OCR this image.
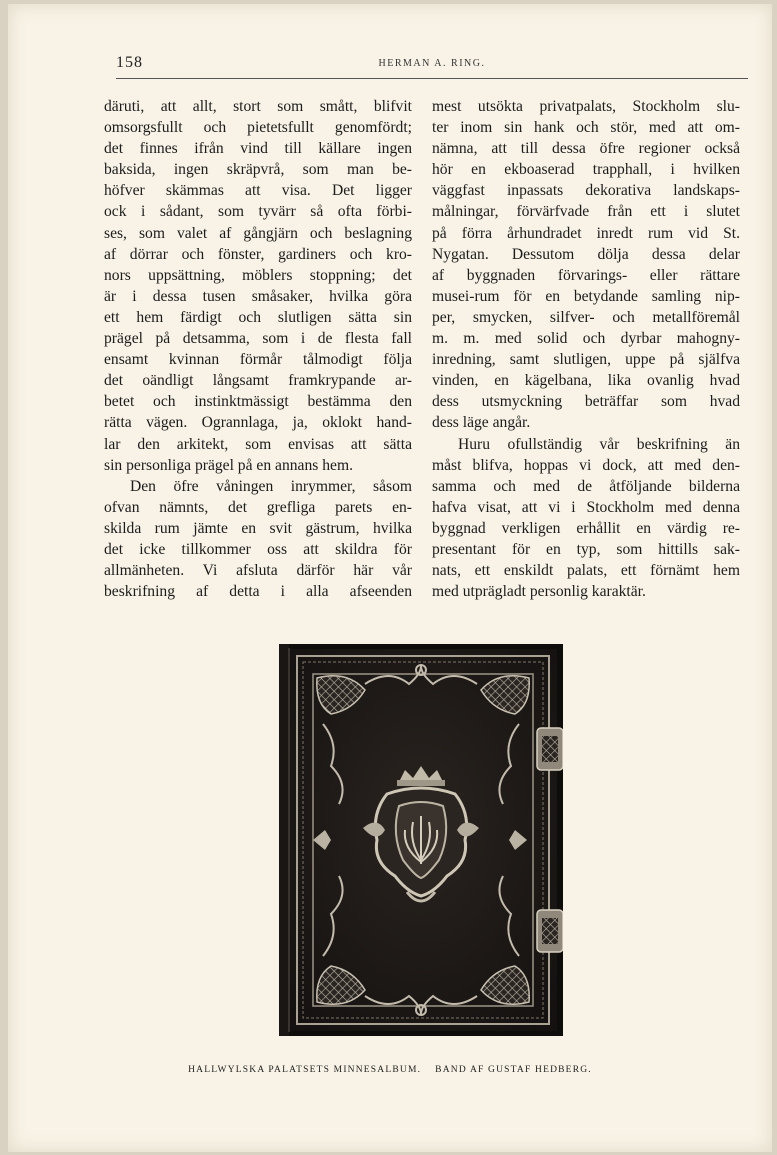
158	HERMAN A. RING.
däruti, att allt, stort som smått, blifvit
omsorgsfullt och pietetsfullt genomfördt;
det finnes ifrån vind till källare ingen
baksida, ingen skräpvrå, som man be-
höfver skämmas att visa. Det ligger
ock i sådant, som tyvärr så ofta förbi-
ses, som valet af gångjärn och beslagning
af dörrar och fönster, gardiners och kro-
nors uppsättning, möblers stoppning; det
är i dessa tusen småsaker, hvilka göra
ett hem färdigt och slutligen sätta sin
prägel på detsamma, som i de flesta fall
ensamt kvinnan förmår tålmodigt följa
det oändligt långsamt framkrypande ar-
betet och instinktmässigt bestämma den
rätta vägen. Ogrannlaga, ja, oklokt hand-
lar den arkitekt, som envisas att sätta
sin personliga prägel på en annans hem.
Den öfre våningen inrymmer, såsom
ofvan nämnts, det grefliga parets en-
skilda rum jämte en svit gästrum, hvilka
det icke tillkommer oss att skildra för
allmänheten. Vi afsluta därför här vår
beskrifning af detta i alla afseenden
mest utsökta privatpalats, Stockholm slu-
ter inom sin hank och stör, med att om-
nämna, att till dessa öfre regioner också
hör en ekboaserad trapphall, i hvilken
väggfast inpassats dekorativa landskaps-
målningar, förvärfvade från ett i slutet
på förra århundradet inredt rum vid St.
Nygatan. Dessutom dölja dessa delar
af byggnaden förvarings- eller rättare
musei-rum för en betydande samling nip-
per, smycken, silfver- och metallföremål
m. m. med solid och dyrbar mahogny-
inredning, samt slutligen, uppe på själfva
vinden, en kägelbana, lika ovanlig hvad
dess utsmyckning beträffar som hvad
dess läge angår.
Huru ofullständig vår beskrifning än
måst blifva, hoppas vi dock, att med den-
samma och med de åtföljande bilderna
hafva visat, att vi i Stockholm med denna
byggnad verkligen erhållit en värdig re-
presentant för en typ, som hittills sak-
nats, ett enskildt palats, ett förnämt hem
med utprägladt personlig karaktär.
HALLWYLSKA PALATSETS MINNESALBUM. BAND AF GUSTAF HEDBERG.
